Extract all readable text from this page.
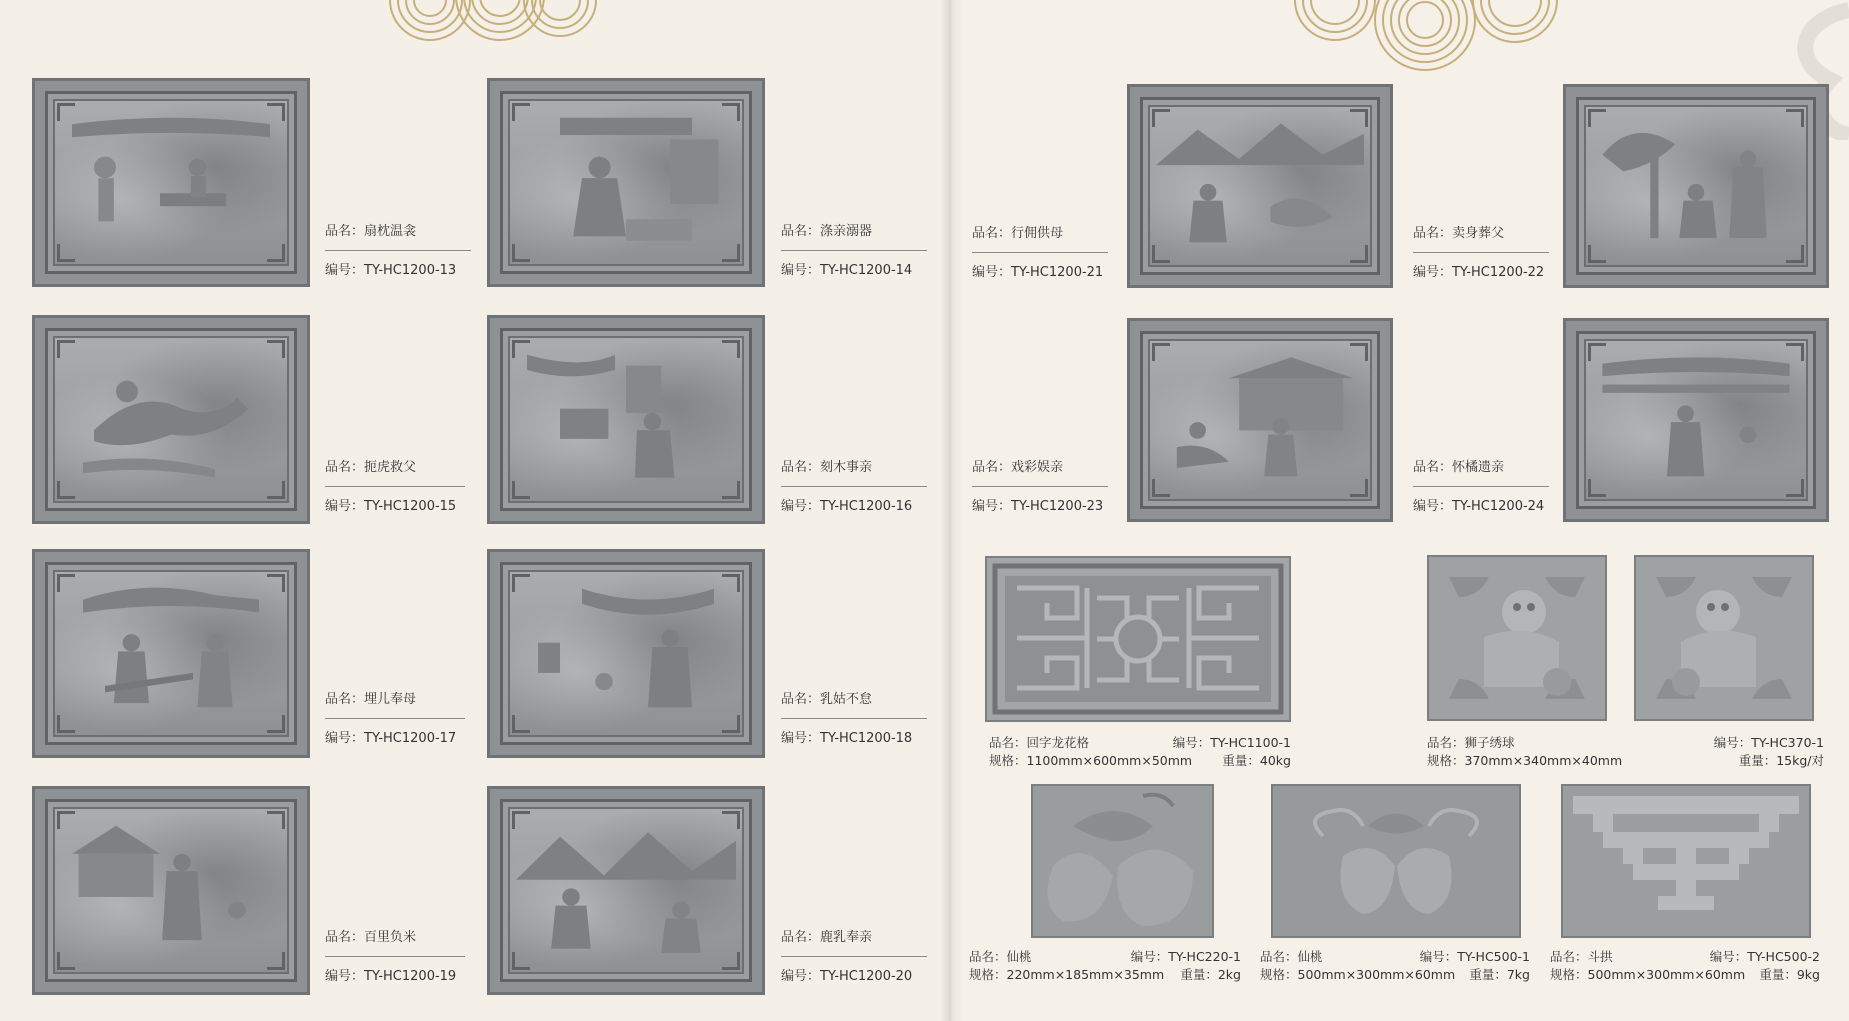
品名：扇枕温衾
编号：TY-HC1200-13
品名：涤亲溺器
编号：TY-HC1200-14
品名：扼虎救父
编号：TY-HC1200-15
品名：刻木事亲
编号：TY-HC1200-16
品名：埋儿奉母
编号：TY-HC1200-17
品名：乳姑不怠
编号：TY-HC1200-18
品名：百里负米
编号：TY-HC1200-19
品名：鹿乳奉亲
编号：TY-HC1200-20
品名：行佣供母
编号：TY-HC1200-21
品名：卖身葬父
编号：TY-HC1200-22
品名：戏彩娱亲
编号：TY-HC1200-23
品名：怀橘遗亲
编号：TY-HC1200-24
品名：回字龙花格	编号：TY-HC1100-1
规格：1100mm×600mm×50mm 重量：40kg
品名：狮子绣球	编号：TY-HC370-1
规格：370mm×340mm×40mm	重量：15kg/对
品名：仙桃	编号：TY-HC220-1
规格：220mm×185mm×35mm 重量：2kg
品名：仙桃	编号：TY-HC500-1
规格：500mm×300mm×60mm 重量：7kg
品名：斗拱	编号：TY-HC500-2
规格：500mm×300mm×60mm 重量：9kg
